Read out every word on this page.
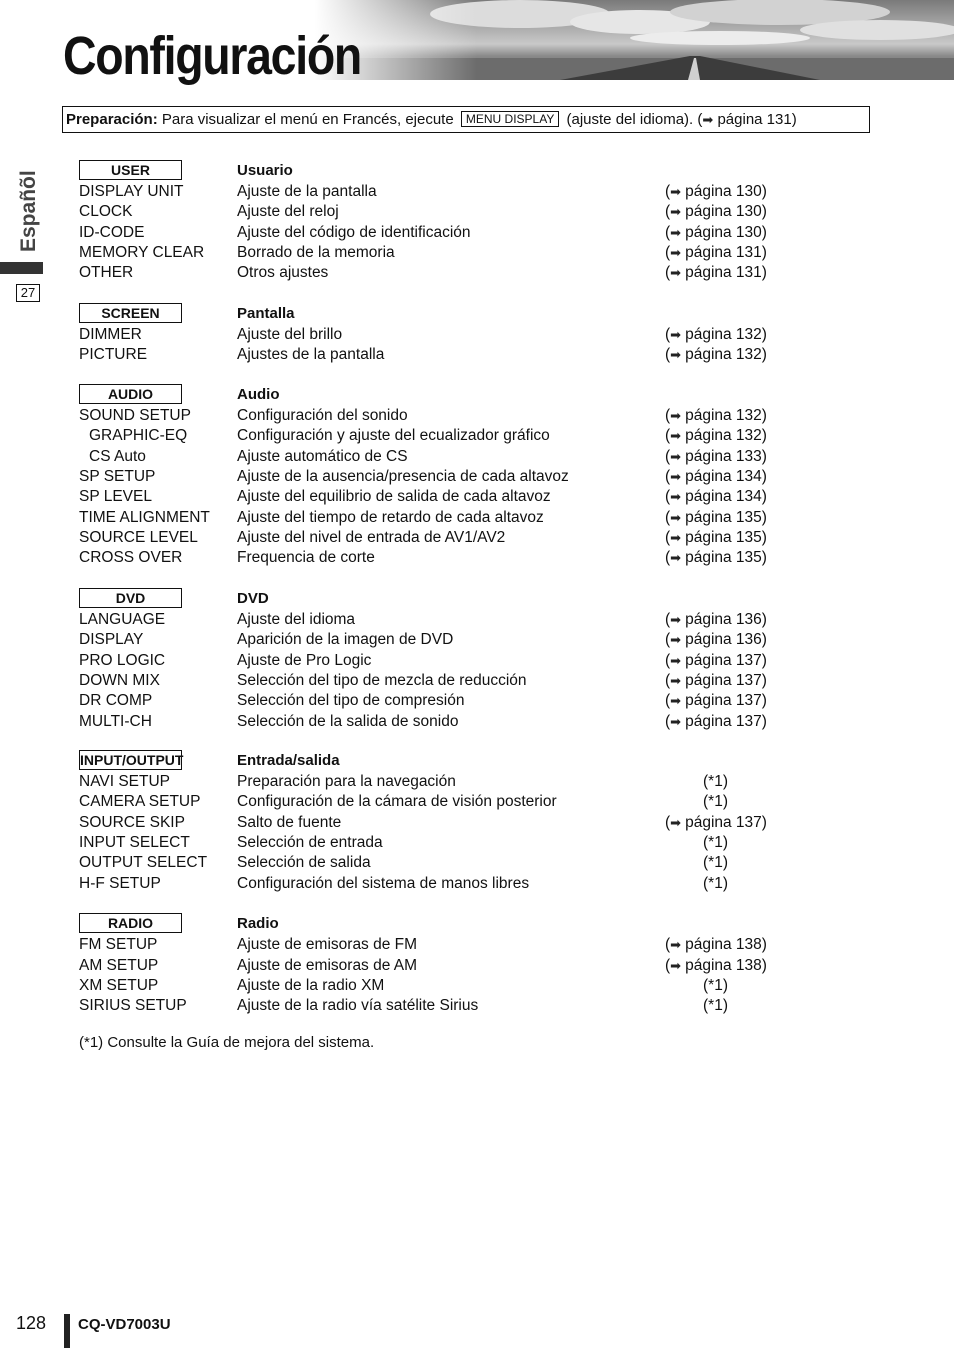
Configuración
Preparación: Para visualizar el menú en Francés, ejecute MENU DISPLAY (ajuste del idioma). (➡ página 131)
Españõl
27
USER	Usuario
DISPLAY UNIT	Ajuste de la pantalla	(➡ página 130)
CLOCK	Ajuste del reloj	(➡ página 130)
ID-CODE	Ajuste del código de identificación	(➡ página 130)
MEMORY CLEAR Borrado de la memoria	(➡ página 131)
OTHER	Otros ajustes	(➡ página 131)
SCREEN	Pantalla
DIMMER	Ajuste del brillo	(➡ página 132)
PICTURE	Ajustes de la pantalla	(➡ página 132)
AUDIO	Audio
SOUND SETUP	Configuración del sonido	(➡ página 132)
GRAPHIC-EQ	Configuración y ajuste del ecualizador gráfico	(➡ página 132)
CS Auto	Ajuste automático de CS	(➡ página 133)
SP SETUP	Ajuste de la ausencia/presencia de cada altavoz	(➡ página 134)
SP LEVEL	Ajuste del equilibrio de salida de cada altavoz	(➡ página 134)
TIME ALIGNMENT Ajuste del tiempo de retardo de cada altavoz	(➡ página 135)
SOURCE LEVEL	Ajuste del nivel de entrada de AV1/AV2	(➡ página 135)
CROSS OVER	Frequencia de corte	(➡ página 135)
DVD	DVD
LANGUAGE	Ajuste del idioma	(➡ página 136)
DISPLAY	Aparición de la imagen de DVD	(➡ página 136)
PRO LOGIC	Ajuste de Pro Logic	(➡ página 137)
DOWN MIX	Selección del tipo de mezcla de reducción	(➡ página 137)
DR COMP	Selección del tipo de compresión	(➡ página 137)
MULTI-CH	Selección de la salida de sonido	(➡ página 137)
INPUT/OUTPUT	Entrada/salida
NAVI SETUP	Preparación para la navegación	(*1)
CAMERA SETUP Configuración de la cámara de visión posterior	(*1)
SOURCE SKIP	Salto de fuente	(➡ página 137)
INPUT SELECT	Selección de entrada	(*1)
OUTPUT SELECT Selección de salida	(*1)
H-F SETUP	Configuración del sistema de manos libres	(*1)
RADIO	Radio
FM SETUP	Ajuste de emisoras de FM	(➡ página 138)
AM SETUP	Ajuste de emisoras de AM	(➡ página 138)
XM SETUP	Ajuste de la radio XM	(*1)
SIRIUS SETUP	Ajuste de la radio vía satélite Sirius	(*1)
(*1) Consulte la Guía de mejora del sistema.
128 CQ-VD7003U
